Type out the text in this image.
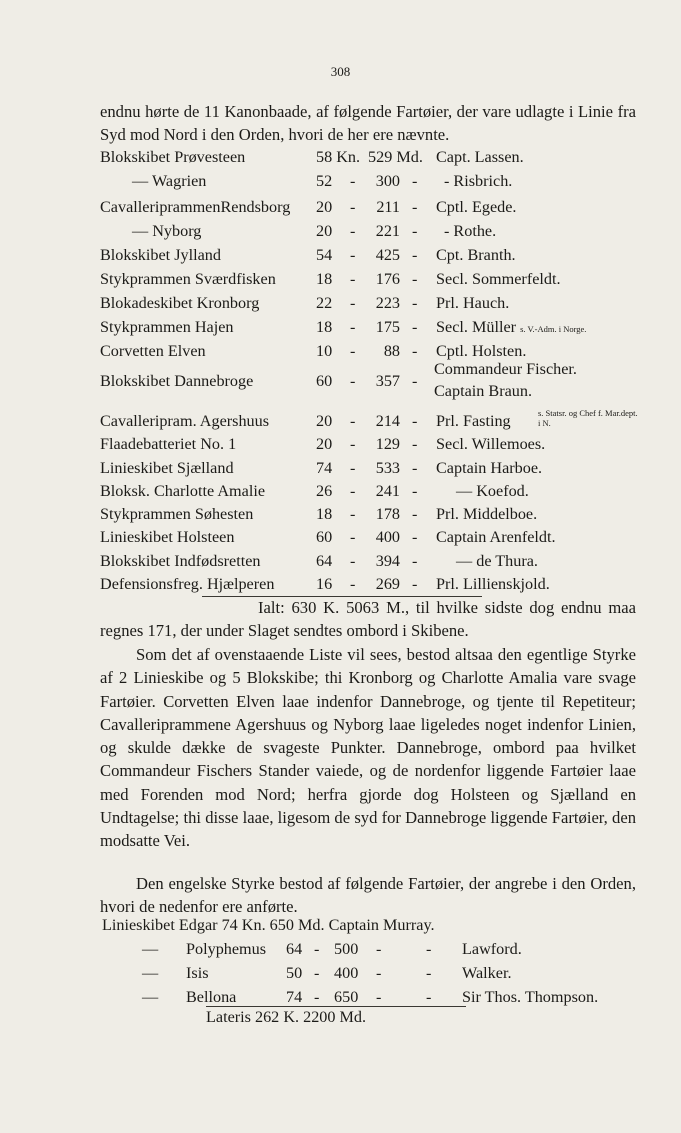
308

endnu hørte de 11 Kanonbaade, af følgende Fartøier, der vare udlagte i Linie fra Syd mod Nord i den Orden, hvori de her ere nævnte.

Blokskibet Prøvesteen	58 Kn. 529 Md. Capt. Lassen.
— Wagrien	52 -	300 - - Risbrich.
CavalleriprammenRendsborg 20 -	211 - Cptl. Egede.
— Nyborg	20 -	221 - - Rothe.
Blokskibet Jylland	54 -	425 - Cpt. Branth.
Stykprammen Sværdfisken 18 -	176 - Secl. Sommerfeldt.
Blokadeskibet Kronborg	22 -	223 - Prl. Hauch.
Stykprammen Hajen	18 -	175 - Secl. Müller s. V.-Adm. i Norge.
Corvetten Elven	10 -	88 - Cptl. Holsten.
Blokskibet Dannebroge	60 -	357 -
Commandeur Fischer.
Captain Braun.
Cavalleripram. Agershuus	20 -	214 - Prl. Fasting	s. Statsr. og Chef f. Mar.dept. i N.
Flaadebatteriet No. 1	20 -	129 - Secl. Willemoes.
Linieskibet Sjælland	74 -	533 - Captain Harboe.
Bloksk. Charlotte Amalie	26 -	241 - — Koefod.
Stykprammen Søhesten	18 -	178 - Prl. Middelboe.
Linieskibet Holsteen	60 -	400 - Captain Arenfeldt.
Blokskibet Indfødsretten	64 -	394 - — de Thura.
Defensionsfreg. Hjælperen	16 -	269 - Prl. Lillienskjold.

Ialt: 630 K. 5063 M., til hvilke sidste dog endnu maa regnes 171, der under Slaget sendtes ombord i Skibene.

Som det af ovenstaaende Liste vil sees, bestod altsaa den egentlige Styrke af 2 Linieskibe og 5 Blokskibe; thi Kronborg og Charlotte Amalia vare svage Fartøier. Corvetten Elven laae indenfor Dannebroge, og tjente til Repetiteur; Cavalleriprammene Agershuus og Nyborg laae ligeledes noget indenfor Linien, og skulde dække de svageste Punkter. Dannebroge, ombord paa hvilket Commandeur Fischers Stander vaiede, og de nordenfor liggende Fartøier laae med Forenden mod Nord; herfra gjorde dog Holsteen og Sjælland en Undtagelse; thi disse laae, ligesom de syd for Dannebroge liggende Fartøier, den modsatte Vei.

Den engelske Styrke bestod af følgende Fartøier, der angrebe i den Orden, hvori de nedenfor ere anførte.

Linieskibet Edgar 74 Kn. 650 Md. Captain Murray.
— Polyphemus 64 - 500 -	- Lawford.
— Isis	50 - 400 -	- Walker.
— Bellona	74 - 650 -	- Sir Thos. Thompson.
Lateris 262 K. 2200 Md.
